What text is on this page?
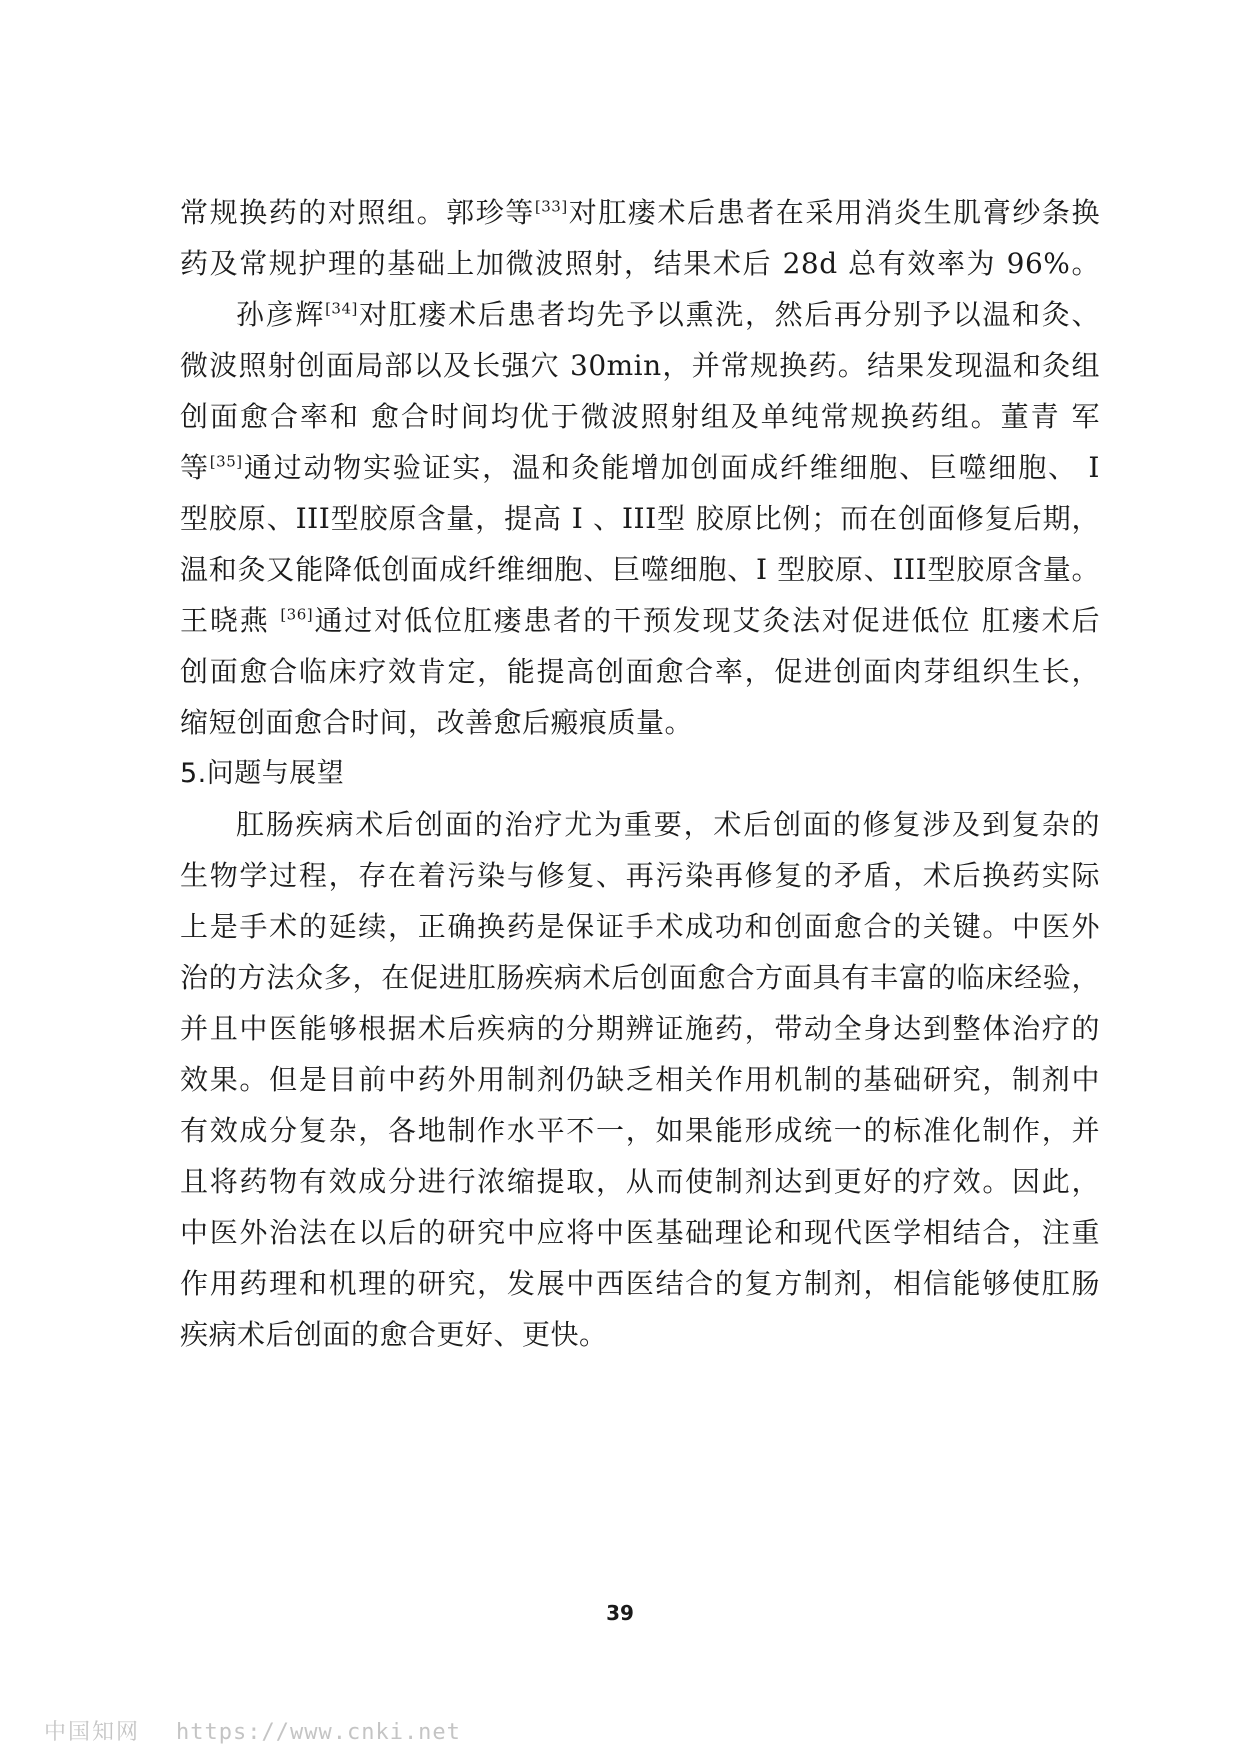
常规换药的对照组。郭珍等[33]对肛瘘术后患者在采用消炎生肌膏纱条换
药及常规护理的基础上加微波照射，结果术后 28d 总有效率为 96%。
孙彦辉[34]对肛瘘术后患者均先予以熏洗，然后再分别予以温和灸、
微波照射创面局部以及长强穴 30min，并常规换药。结果发现温和灸组
创面愈合率和 愈合时间均优于微波照射组及单纯常规换药组。董青 军
等[35]通过动物实验证实，温和灸能增加创面成纤维细胞、巨噬细胞、 I
型胶原、III型胶原含量，提高 I 、III型 胶原比例；而在创面修复后期，
温和灸又能降低创面成纤维细胞、巨噬细胞、I 型胶原、III型胶原含量。
王晓燕 [36]通过对低位肛瘘患者的干预发现艾灸法对促进低位 肛瘘术后
创面愈合临床疗效肯定，能提高创面愈合率，促进创面肉芽组织生长，
缩短创面愈合时间，改善愈后瘢痕质量。
5.问题与展望
肛肠疾病术后创面的治疗尤为重要，术后创面的修复涉及到复杂的
生物学过程，存在着污染与修复、再污染再修复的矛盾，术后换药实际
上是手术的延续，正确换药是保证手术成功和创面愈合的关键。中医外
治的方法众多，在促进肛肠疾病术后创面愈合方面具有丰富的临床经验，
并且中医能够根据术后疾病的分期辨证施药，带动全身达到整体治疗的
效果。但是目前中药外用制剂仍缺乏相关作用机制的基础研究，制剂中
有效成分复杂，各地制作水平不一，如果能形成统一的标准化制作，并
且将药物有效成分进行浓缩提取，从而使制剂达到更好的疗效。因此，
中医外治法在以后的研究中应将中医基础理论和现代医学相结合，注重
作用药理和机理的研究，发展中西医结合的复方制剂，相信能够使肛肠
疾病术后创面的愈合更好、更快。
39
中国知网 https://www.cnki.net
